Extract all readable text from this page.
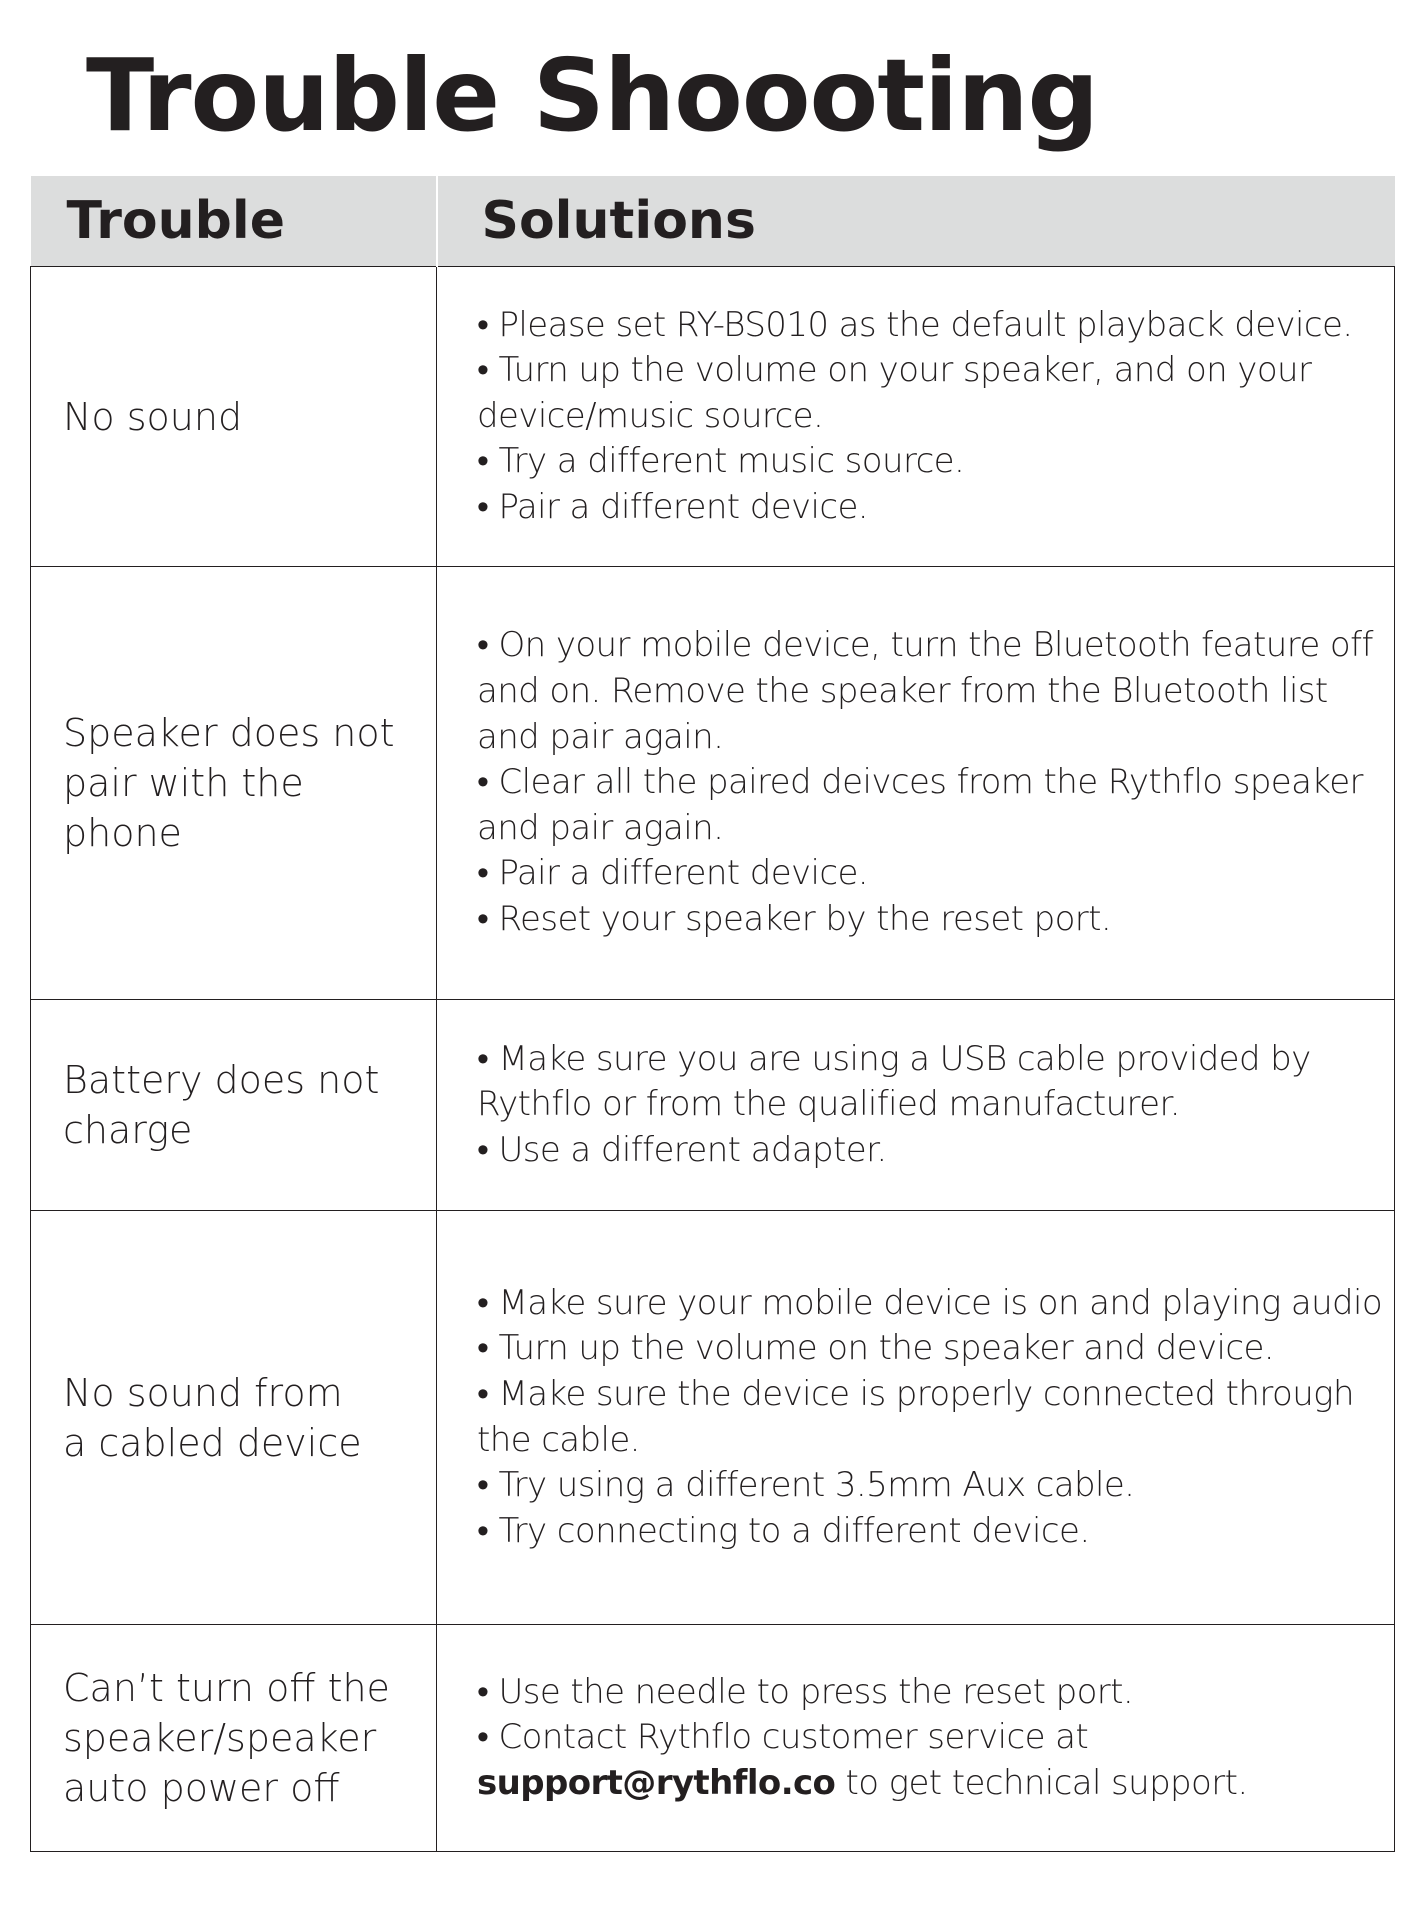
Trouble Shoooting
Trouble	Solutions
No sound	• Please set RY-BS010 as the default playback device.
• Turn up the volume on your speaker, and on your device/music source.
• Try a different music source.
• Pair a different device.

Speaker does not
pair with the phone	• On your mobile device, turn the Bluetooth feature off and on. Remove the speaker from the Bluetooth list and pair again.
• Clear all the paired deivces from the Rythflo speaker and pair again.
• Pair a different device.
• Reset your speaker by the reset port.

Battery does not
charge	• Make sure you are using a USB cable provided by Rythflo or from the qualified manufacturer.
• Use a different adapter.

No sound from
a cabled device	• Make sure your mobile device is on and playing audio
• Turn up the volume on the speaker and device.
• Make sure the device is properly connected through the cable.
• Try using a different 3.5mm Aux cable.
• Try connecting to a different device.

Can’t turn off the
speaker/speaker
auto power off	• Use the needle to press the reset port.
• Contact Rythflo customer service at
support@rythflo.co to get technical support.
